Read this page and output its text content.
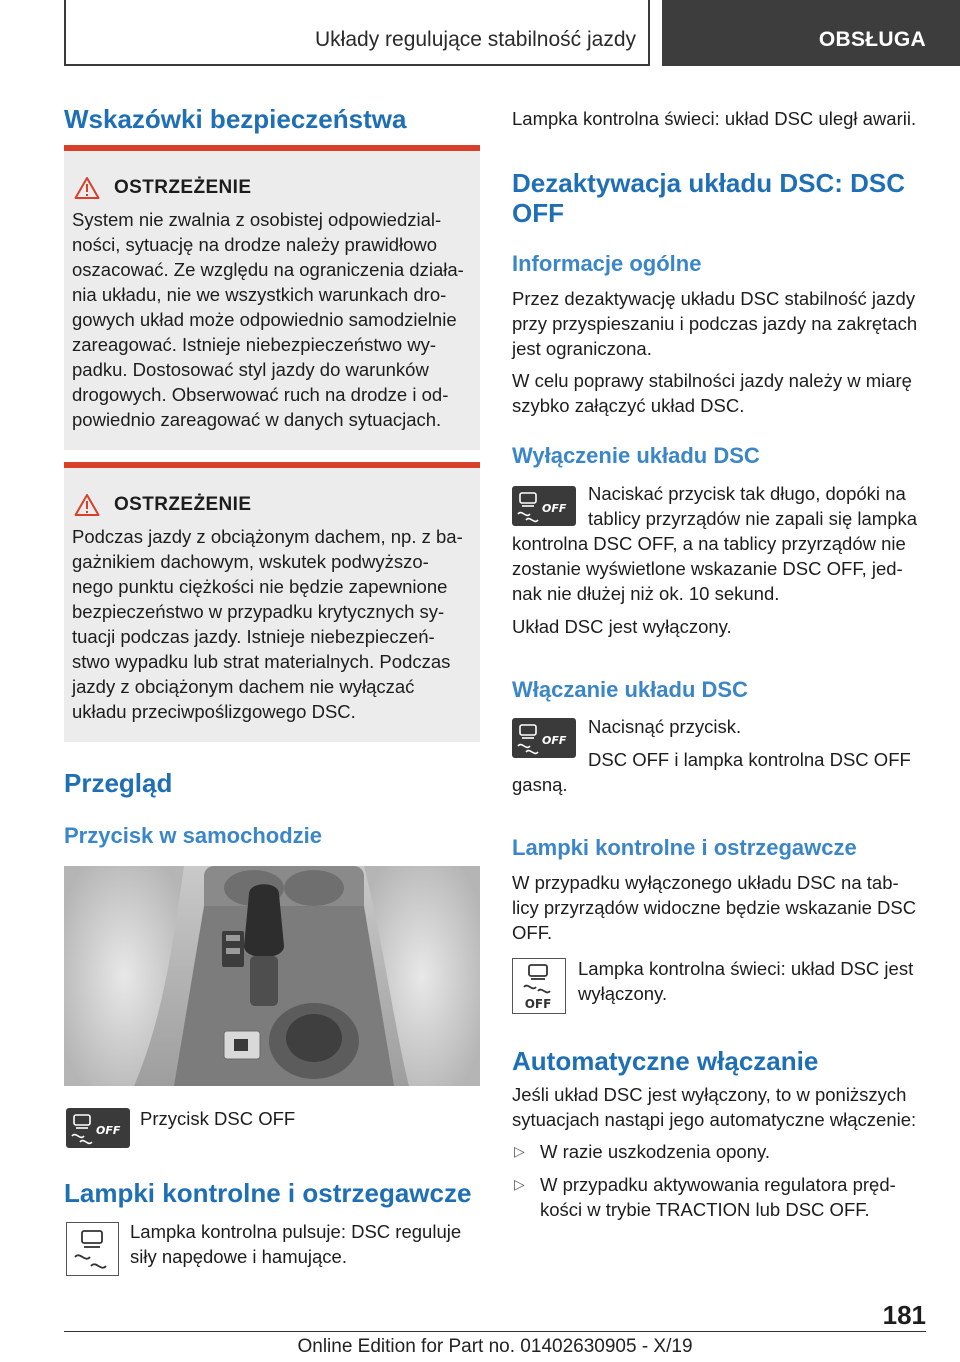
Układy regulujące stabilność jazdy	OBSŁUGA
Wskazówki bezpieczeństwa
OSTRZEŻENIE
System nie zwalnia z osobistej odpowiedzial-
ności, sytuację na drodze należy prawidłowo
oszacować. Ze względu na ograniczenia działa-
nia układu, nie we wszystkich warunkach dro-
gowych układ może odpowiednio samodzielnie
zareagować. Istnieje niebezpieczeństwo wy-
padku. Dostosować styl jazdy do warunków
drogowych. Obserwować ruch na drodze i od-
powiednio zareagować w danych sytuacjach.
OSTRZEŻENIE
Podczas jazdy z obciążonym dachem, np. z ba-
gażnikiem dachowym, wskutek podwyższo-
nego punktu ciężkości nie będzie zapewnione
bezpieczeństwo w przypadku krytycznych sy-
tuacji podczas jazdy. Istnieje niebezpieczeń-
stwo wypadku lub strat materialnych. Podczas
jazdy z obciążonym dachem nie wyłączać
układu przeciwpoślizgowego DSC.
Przegląd
Przycisk w samochodzie
OFF
Przycisk DSC OFF
Lampki kontrolne i ostrzegawcze
Lampka kontrolna pulsuje: DSC reguluje
siły napędowe i hamujące.
Lampka kontrolna świeci: układ DSC uległ awarii.
Dezaktywacja układu DSC: DSC
OFF
Informacje ogólne
Przez dezaktywację układu DSC stabilność jazdy
przy przyspieszaniu i podczas jazdy na zakrętach
jest ograniczona.
W celu poprawy stabilności jazdy należy w miarę
szybko załączyć układ DSC.
Wyłączenie układu DSC
OFF
Naciskać przycisk tak długo, dopóki na
tablicy przyrządów nie zapali się lampka
kontrolna DSC OFF, a na tablicy przyrządów nie
zostanie wyświetlone wskazanie DSC OFF, jed-
nak nie dłużej niż ok. 10 sekund.
Układ DSC jest wyłączony.
Włączanie układu DSC
OFF
Nacisnąć przycisk.
DSC OFF i lampka kontrolna DSC OFF
gasną.
Lampki kontrolne i ostrzegawcze
W przypadku wyłączonego układu DSC na tab-
licy przyrządów widoczne będzie wskazanie DSC
OFF.
OFF
Lampka kontrolna świeci: układ DSC jest
wyłączony.
Automatyczne włączanie
Jeśli układ DSC jest wyłączony, to w poniższych
sytuacjach nastąpi jego automatyczne włączenie:
▷ W razie uszkodzenia opony.
▷ W przypadku aktywowania regulatora pręd-
kości w trybie TRACTION lub DSC OFF.
181
Online Edition for Part no. 01402630905 - X/19
